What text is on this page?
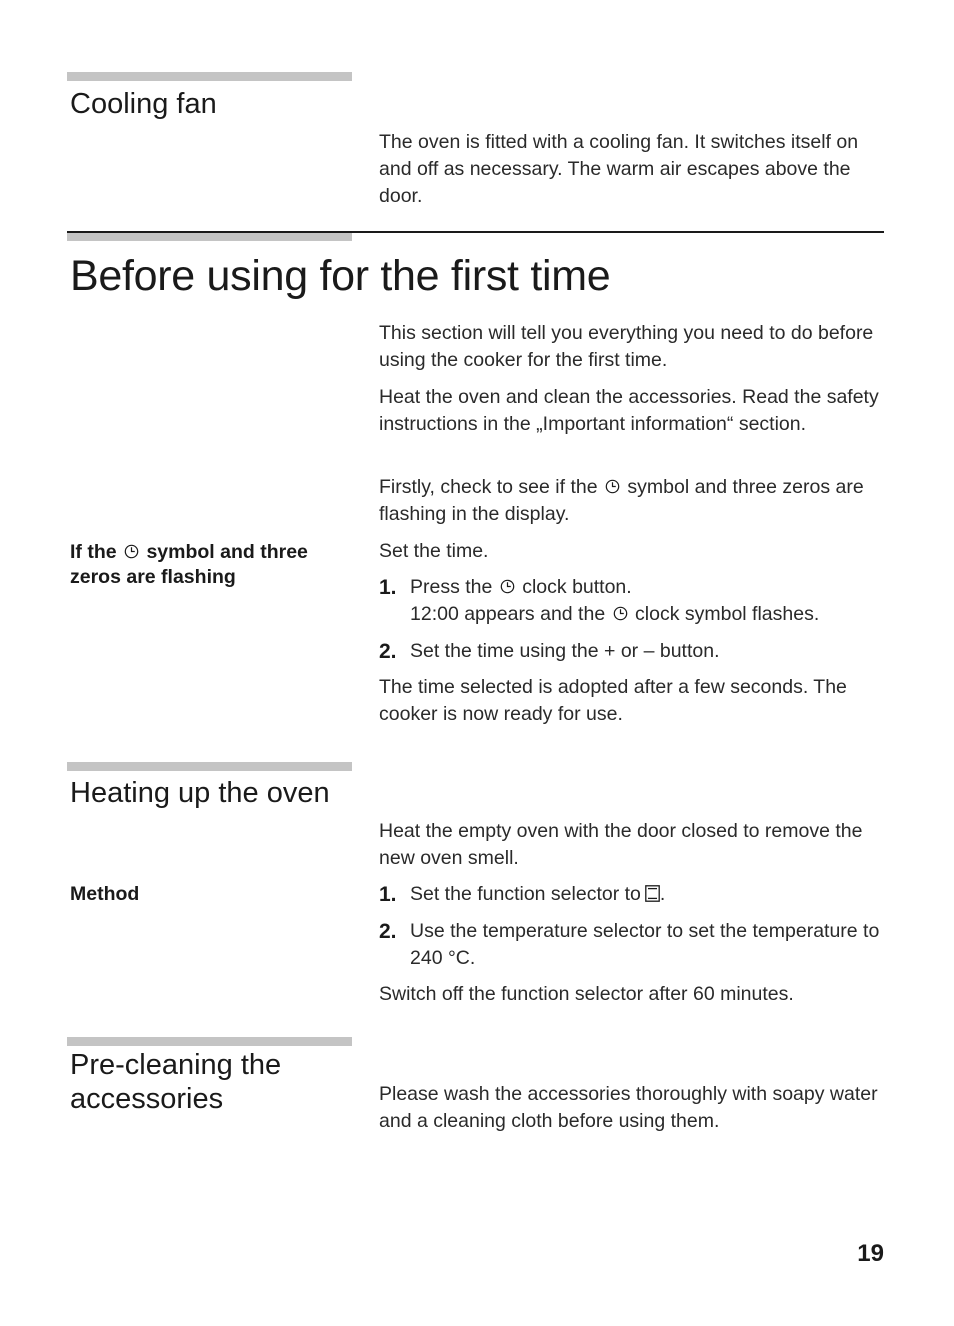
Cooling fan

The oven is fitted with a cooling fan. It switches itself on and off as necessary. The warm air escapes above the door.

Before using for the first time

This section will tell you everything you need to do before using the cooker for the first time.

Heat the oven and clean the accessories. Read the safety instructions in the „Important information“ section.

Firstly, check to see if the symbol and three zeros are flashing in the display.

If the symbol and three zeros are flashing

Set the time.

1. Press the clock button.
12:00 appears and the clock symbol flashes.

2. Set the time using the + or – button.

The time selected is adopted after a few seconds. The cooker is now ready for use.

Heating up the oven

Heat the empty oven with the door closed to remove the new oven smell.

Method	1. Set the function selector to .

2. Use the temperature selector to set the temperature to 240 °C.

Switch off the function selector after 60 minutes.

Pre-cleaning the accessories	Please wash the accessories thoroughly with soapy water and a cleaning cloth before using them.

19
